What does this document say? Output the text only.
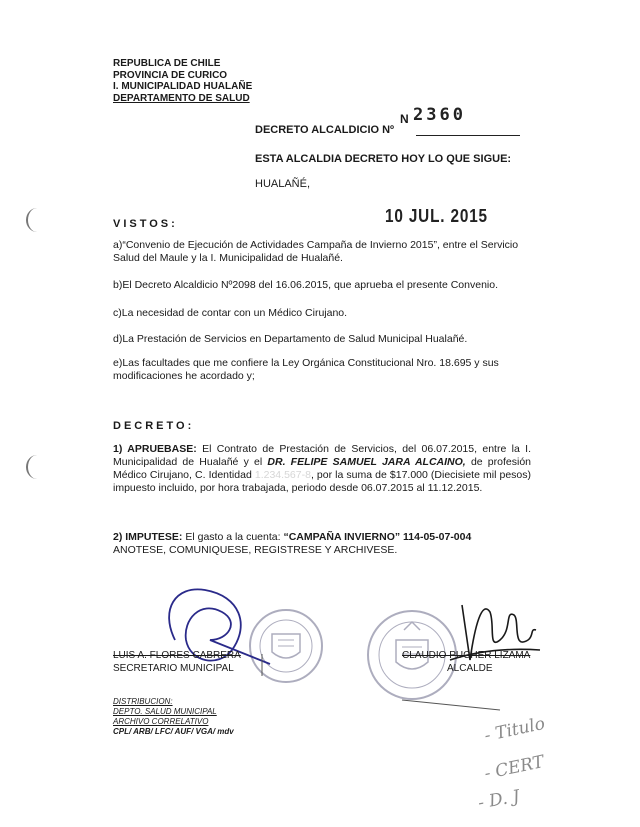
REPUBLICA DE CHILE
PROVINCIA DE CURICO
I. MUNICIPALIDAD HUALAÑE
DEPARTAMENTO DE SALUD
DECRETO ALCALDICIO Nº
N 2360
ESTA ALCALDIA DECRETO HOY LO QUE SIGUE:
HUALAÑÉ,
VISTOS:	10 JUL. 2015
a)“Convenio de Ejecución de Actividades Campaña de Invierno 2015”, entre el Servicio Salud del Maule y la I. Municipalidad de Hualañé.
b)El Decreto Alcaldicio Nº2098 del 16.06.2015, que aprueba el presente Convenio.
c)La necesidad de contar con un Médico Cirujano.
d)La Prestación de Servicios en Departamento de Salud Municipal Hualañé.
e)Las facultades que me confiere la Ley Orgánica Constitucional Nro. 18.695 y sus modificaciones he acordado y;
DECRETO:
1) APRUEBASE: El Contrato de Prestación de Servicios, del 06.07.2015, entre la I. Municipalidad de Hualañé y el DR. FELIPE SAMUEL JARA ALCAINO, de profesión Médico Cirujano, C. Identidad 1.234.567-8, por la suma de $17.000 (Diecisiete mil pesos) impuesto incluido, por hora trabajada, periodo desde 06.07.2015 al 11.12.2015.
2) IMPUTESE: El gasto a la cuenta: “CAMPAÑA INVIERNO” 114-05-07-004
ANOTESE, COMUNIQUESE, REGISTRESE Y ARCHIVESE.
LUIS A. FLORES CABRERA
SECRETARIO MUNICIPAL
CLAUDIO PUCHER LIZAMA
ALCALDE
DISTRIBUCION:
DEPTO. SALUD MUNICIPAL
ARCHIVO CORRELATIVO
CPL/ ARB/ LFC/ AUF/ VGA/ mdv	- Titulo
- CERT
- D. J
